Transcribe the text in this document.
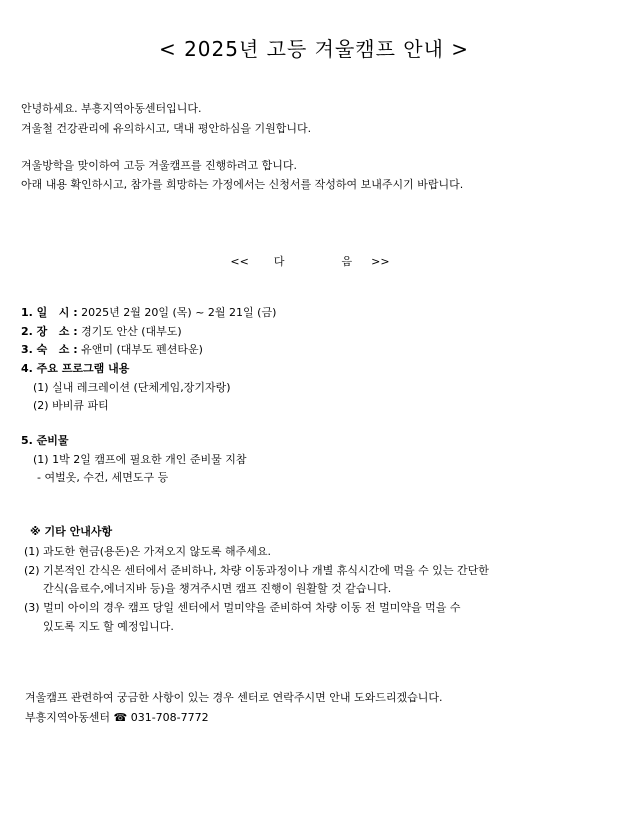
< 2025년 고등 겨울캠프 안내 >
안녕하세요. 부흥지역아동센터입니다.
겨울철 건강관리에 유의하시고, 댁내 평안하심을 기원합니다.
겨울방학을 맞이하여 고등 겨울캠프를 진행하려고 합니다.
아래 내용 확인하시고, 참가를 희망하는 가정에서는 신청서를 작성하여 보내주시기 바랍니다.
<< 다	음 >>
1. 일   시 : 2025년 2월 20일 (목) ~ 2월 21일 (금)
2. 장   소 : 경기도 안산 (대부도)
3. 숙   소 : 유앤미 (대부도 펜션타운)
4. 주요 프로그램 내용
(1) 실내 레크레이션 (단체게임,장기자랑)
(2) 바비큐 파티
5. 준비물
(1) 1박 2일 캠프에 필요한 개인 준비물 지참
- 여벌옷, 수건, 세면도구 등
※ 기타 안내사항
(1) 과도한 현금(용돈)은 가져오지 않도록 해주세요.
(2) 기본적인 간식은 센터에서 준비하나, 차량 이동과정이나 개별 휴식시간에 먹을 수 있는 간단한
간식(음료수,에너지바 등)을 챙겨주시면 캠프 진행이 원활할 것 같습니다.
(3) 멀미 아이의 경우 캠프 당일 센터에서 멀미약을 준비하여 차량 이동 전 멀미약을 먹을 수
있도록 지도 할 예정입니다.
겨울캠프 관련하여 궁금한 사항이 있는 경우 센터로 연락주시면 안내 도와드리겠습니다.
부흥지역아동센터 ☎ 031-708-7772
